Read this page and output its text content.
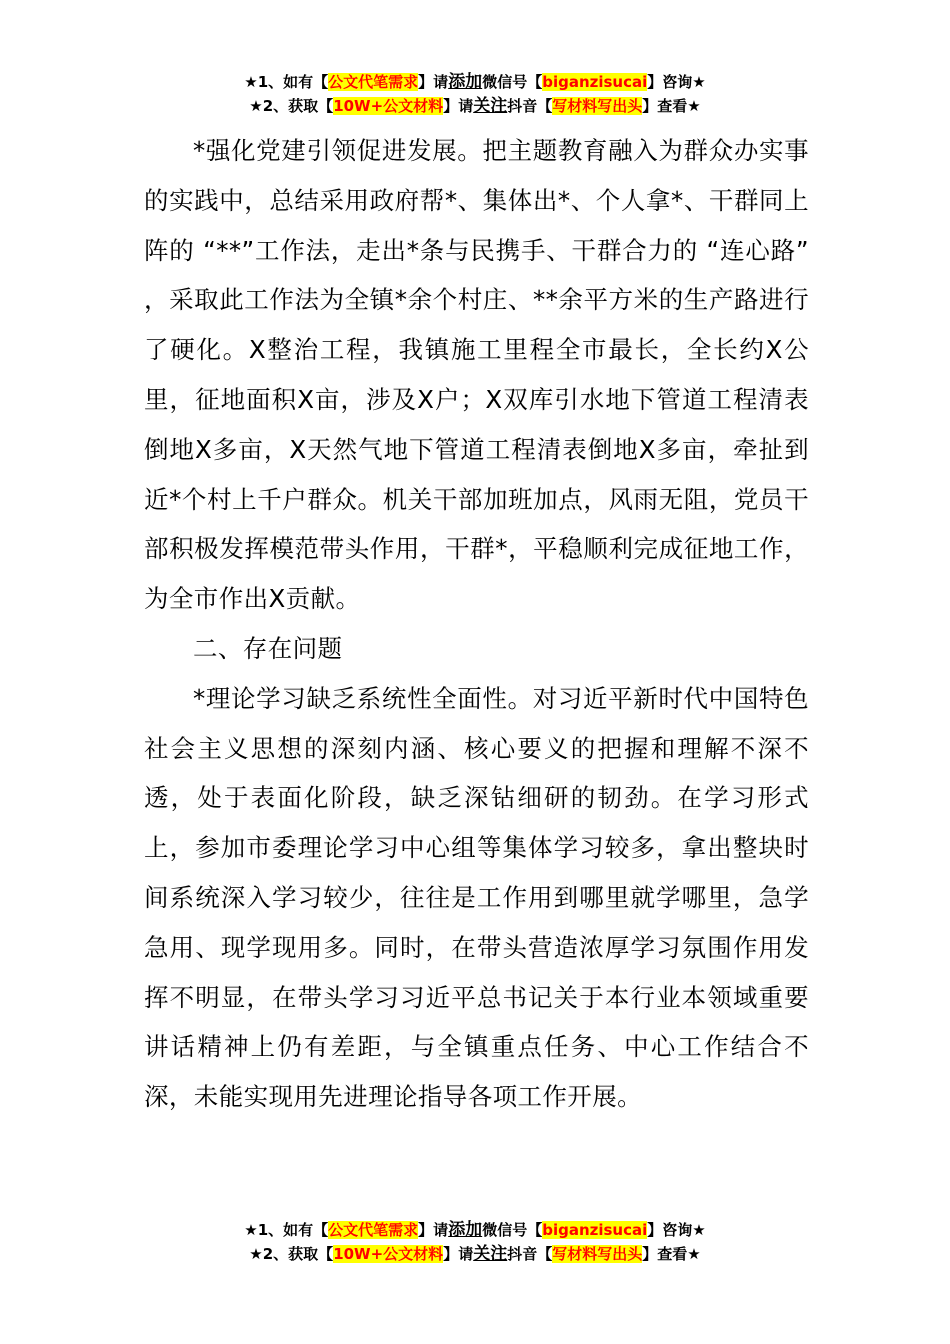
★1、如有【公文代笔需求】请添加微信号【biganzisucai】咨询★
★2、获取【10W+公文材料】请关注抖音【写材料写出头】查看★

*强化党建引领促进发展。把主题教育融入为群众办实事的实践中，总结采用政府帮*、集体出*、个人拿*、干群同上阵的 “**”工作法，走出*条与民携手、干群合力的 “连心路” ，采取此工作法为全镇*余个村庄、**余平方米的生产路进行了硬化。X整治工程，我镇施工里程全市最长，全长约X公里，征地面积X亩，涉及X户；X双库引水地下管道工程清表倒地X多亩，X天然气地下管道工程清表倒地X多亩，牵扯到近*个村上千户群众。机关干部加班加点，风雨无阻，党员干部积极发挥模范带头作用，干群*，平稳顺利完成征地工作，为全市作出X贡献。

二、存在问题

*理论学习缺乏系统性全面性。对习近平新时代中国特色社会主义思想的深刻内涵、核心要义的把握和理解不深不透，处于表面化阶段，缺乏深钻细研的韧劲。在学习形式上，参加市委理论学习中心组等集体学习较多，拿出整块时间系统深入学习较少，往往是工作用到哪里就学哪里，急学急用、现学现用多。同时，在带头营造浓厚学习氛围作用发挥不明显，在带头学习习近平总书记关于本行业本领域重要讲话精神上仍有差距，与全镇重点任务、中心工作结合不深，未能实现用先进理论指导各项工作开展。

★1、如有【公文代笔需求】请添加微信号【biganzisucai】咨询★
★2、获取【10W+公文材料】请关注抖音【写材料写出头】查看★
